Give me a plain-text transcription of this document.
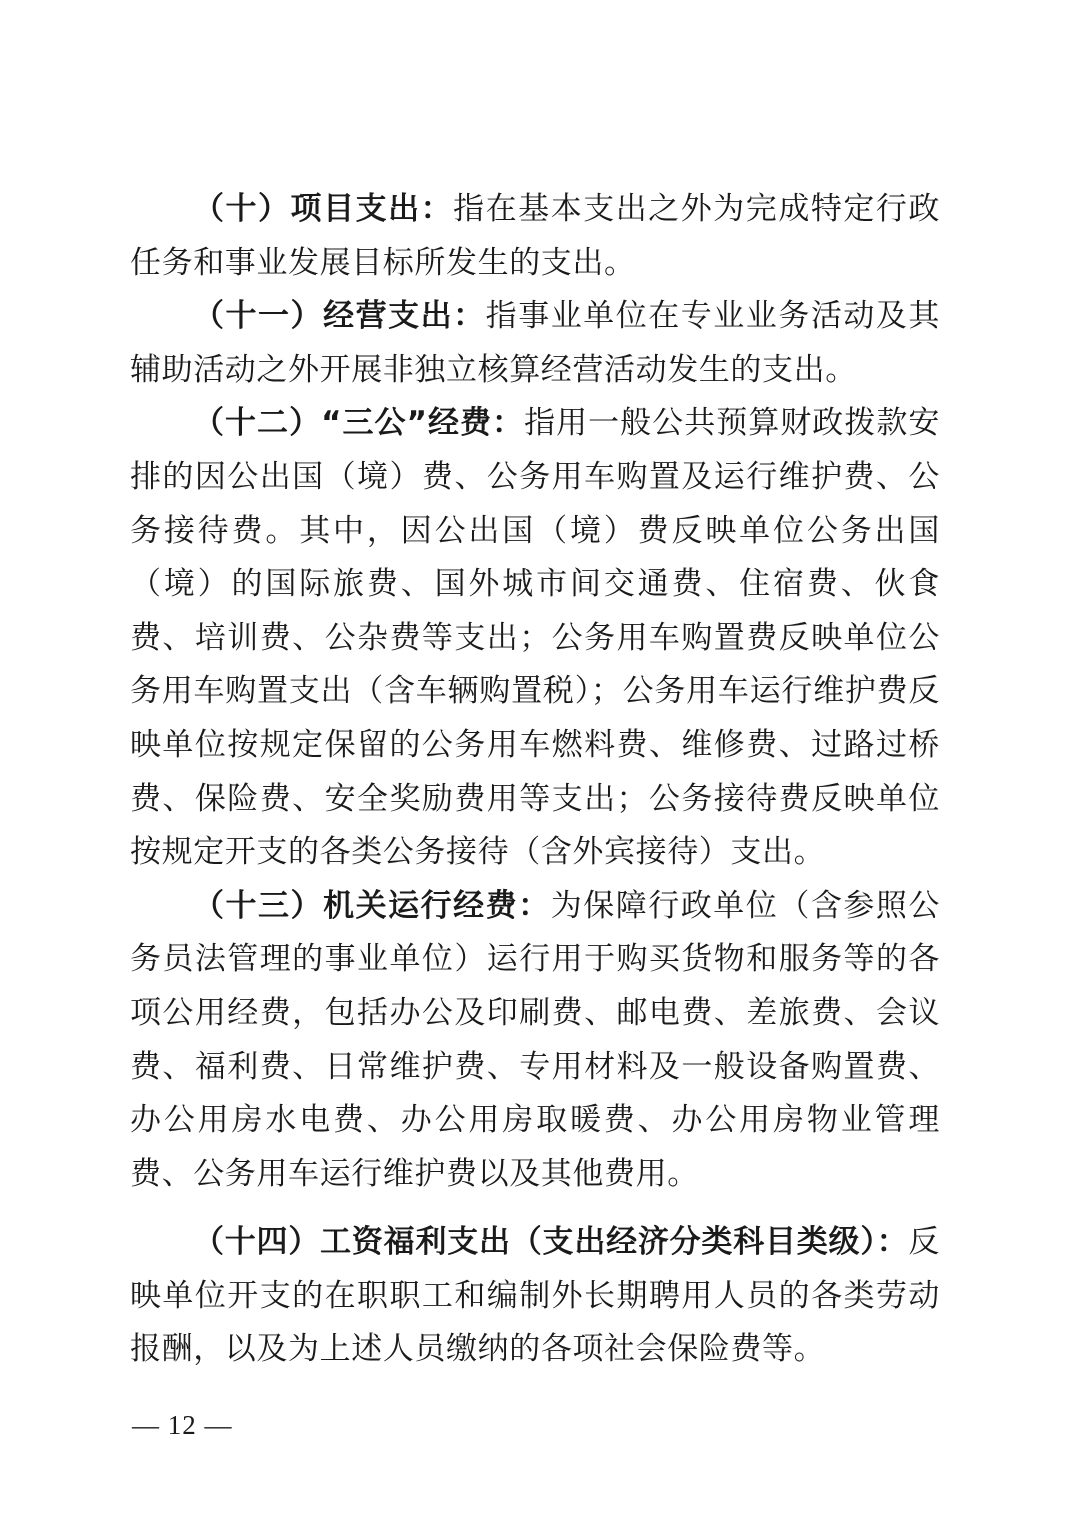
（十）项目支出：指在基本支出之外为完成特定行政任务和事业发展目标所发生的支出。

（十一）经营支出：指事业单位在专业业务活动及其辅助活动之外开展非独立核算经营活动发生的支出。

（十二）“三公”经费：指用一般公共预算财政拨款安排的因公出国（境）费、公务用车购置及运行维护费、公务接待费。其中，因公出国（境）费反映单位公务出国（境）的国际旅费、国外城市间交通费、住宿费、伙食费、培训费、公杂费等支出；公务用车购置费反映单位公务用车购置支出（含车辆购置税）；公务用车运行维护费反映单位按规定保留的公务用车燃料费、维修费、过路过桥费、保险费、安全奖励费用等支出；公务接待费反映单位按规定开支的各类公务接待（含外宾接待）支出。

（十三）机关运行经费：为保障行政单位（含参照公务员法管理的事业单位）运行用于购买货物和服务等的各项公用经费，包括办公及印刷费、邮电费、差旅费、会议费、福利费、日常维护费、专用材料及一般设备购置费、办公用房水电费、办公用房取暖费、办公用房物业管理费、公务用车运行维护费以及其他费用。

（十四）工资福利支出（支出经济分类科目类级）：反映单位开支的在职职工和编制外长期聘用人员的各类劳动报酬，以及为上述人员缴纳的各项社会保险费等。

— 12 —
